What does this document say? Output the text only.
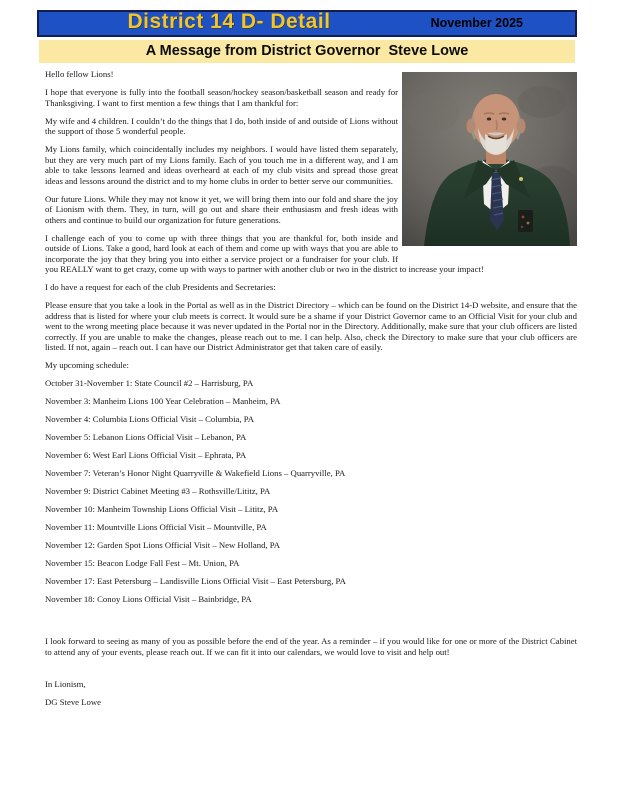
District 14 D- Detail	November 2025
A Message from District Governor  Steve Lowe

Hello fellow Lions!

I hope that everyone is fully into the football season/hockey season/basketball season and ready for Thanksgiving. I want to first mention a few things that I am thankful for:

My wife and 4 children. I couldn’t do the things that I do, both inside of and outside of Lions without the support of those 5 wonderful people.

My Lions family, which coincidentally includes my neighbors. I would have listed them separately, but they are very much part of my Lions family. Each of you touch me in a different way, and I am able to take lessons learned and ideas overheard at each of my club visits and spread those great ideas and lessons around the district and to my home clubs in order to better serve our communities.

Our future Lions. While they may not know it yet, we will bring them into our fold and share the joy of Lionism with them. They, in turn, will go out and share their enthusiasm and fresh ideas with others and continue to build our organization for future generations.

I challenge each of you to come up with three things that you are thankful for, both inside and outside of Lions. Take a good, hard look at each of them and come up with ways that you are able to incorporate the joy that they bring you into either a service project or a fundraiser for your club. If you REALLY want to get crazy, come up with ways to partner with another club or two in the district to increase your impact!

I do have a request for each of the club Presidents and Secretaries:

Please ensure that you take a look in the Portal as well as in the District Directory – which can be found on the District 14-D website, and ensure that the address that is listed for where your club meets is correct. It would sure be a shame if your District Governor came to an Official Visit for your club and went to the wrong meeting place because it was never updated in the Portal nor in the Directory. Additionally, make sure that your club officers are listed correctly. If you are unable to make the changes, please reach out to me. I can help. Also, check the Directory to make sure that your club officers are listed. If not, again – reach out. I can have our District Administrator get that taken care of easily.

My upcoming schedule:

October 31-November 1: State Council #2 – Harrisburg, PA

November 3: Manheim Lions 100 Year Celebration – Manheim, PA

November 4: Columbia Lions Official Visit – Columbia, PA

November 5: Lebanon Lions Official Visit – Lebanon, PA

November 6: West Earl Lions Official Visit – Ephrata, PA

November 7: Veteran’s Honor Night Quarryville & Wakefield Lions – Quarryville, PA

November 9: District Cabinet Meeting #3 – Rothsville/Lititz, PA

November 10: Manheim Township Lions Official Visit – Lititz, PA

November 11: Mountville Lions Official Visit – Mountville, PA

November 12: Garden Spot Lions Official Visit – New Holland, PA

November 15: Beacon Lodge Fall Fest – Mt. Union, PA

November 17: East Petersburg – Landisville Lions Official Visit – East Petersburg, PA

November 18: Conoy Lions Official Visit – Bainbridge, PA

I look forward to seeing as many of you as possible before the end of the year. As a reminder – if you would like for one or more of the District Cabinet to attend any of your events, please reach out. If we can fit it into our calendars, we would love to visit and help out!

In Lionism,

DG Steve Lowe
